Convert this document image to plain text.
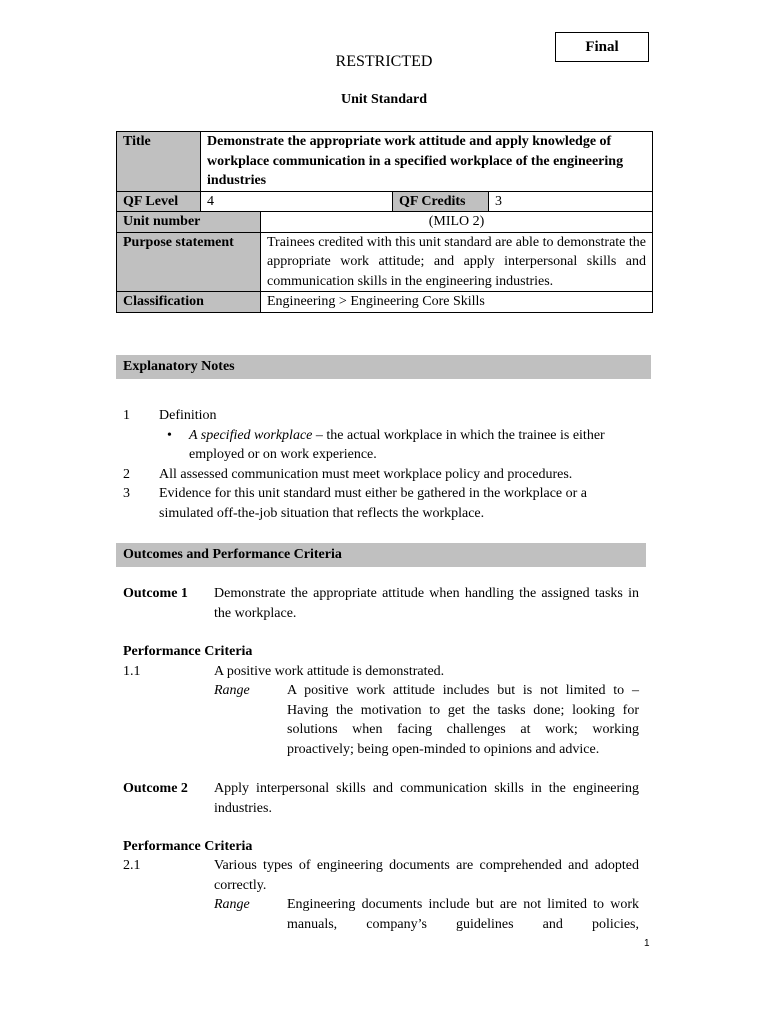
Final
RESTRICTED
Unit Standard
Title	Demonstrate the appropriate work attitude and apply knowledge of workplace communication in a specified workplace of the engineering industries			
QF Level	4		QF Credits	3
Unit number		(MILO 2)		
Purpose statement		Trainees credited with this unit standard are able to demonstrate the appropriate work attitude; and apply interpersonal skills and communication skills in the engineering industries.		
Classification		Engineering > Engineering Core Skills		
Explanatory Notes
1 Definition
• A specified workplace – the actual workplace in which the trainee is either
employed or on work experience.
2 All assessed communication must meet workplace policy and procedures.
3 Evidence for this unit standard must either be gathered in the workplace or a
simulated off-the-job situation that reflects the workplace.
Outcomes and Performance Criteria
Outcome 1 Demonstrate the appropriate attitude when handling the assigned tasks in the workplace.
Performance Criteria
1.1	A positive work attitude is demonstrated.
Range	A positive work attitude includes but is not limited to – Having the motivation to get the tasks done; looking for solutions when facing challenges at work; working proactively; being open-minded to opinions and advice.
Outcome 2 Apply interpersonal skills and communication skills in the engineering industries.
Performance Criteria
2.1	Various types of engineering documents are comprehended and adopted correctly.
Range	Engineering documents include but are not limited to work manuals, company’s guidelines and policies,
1
